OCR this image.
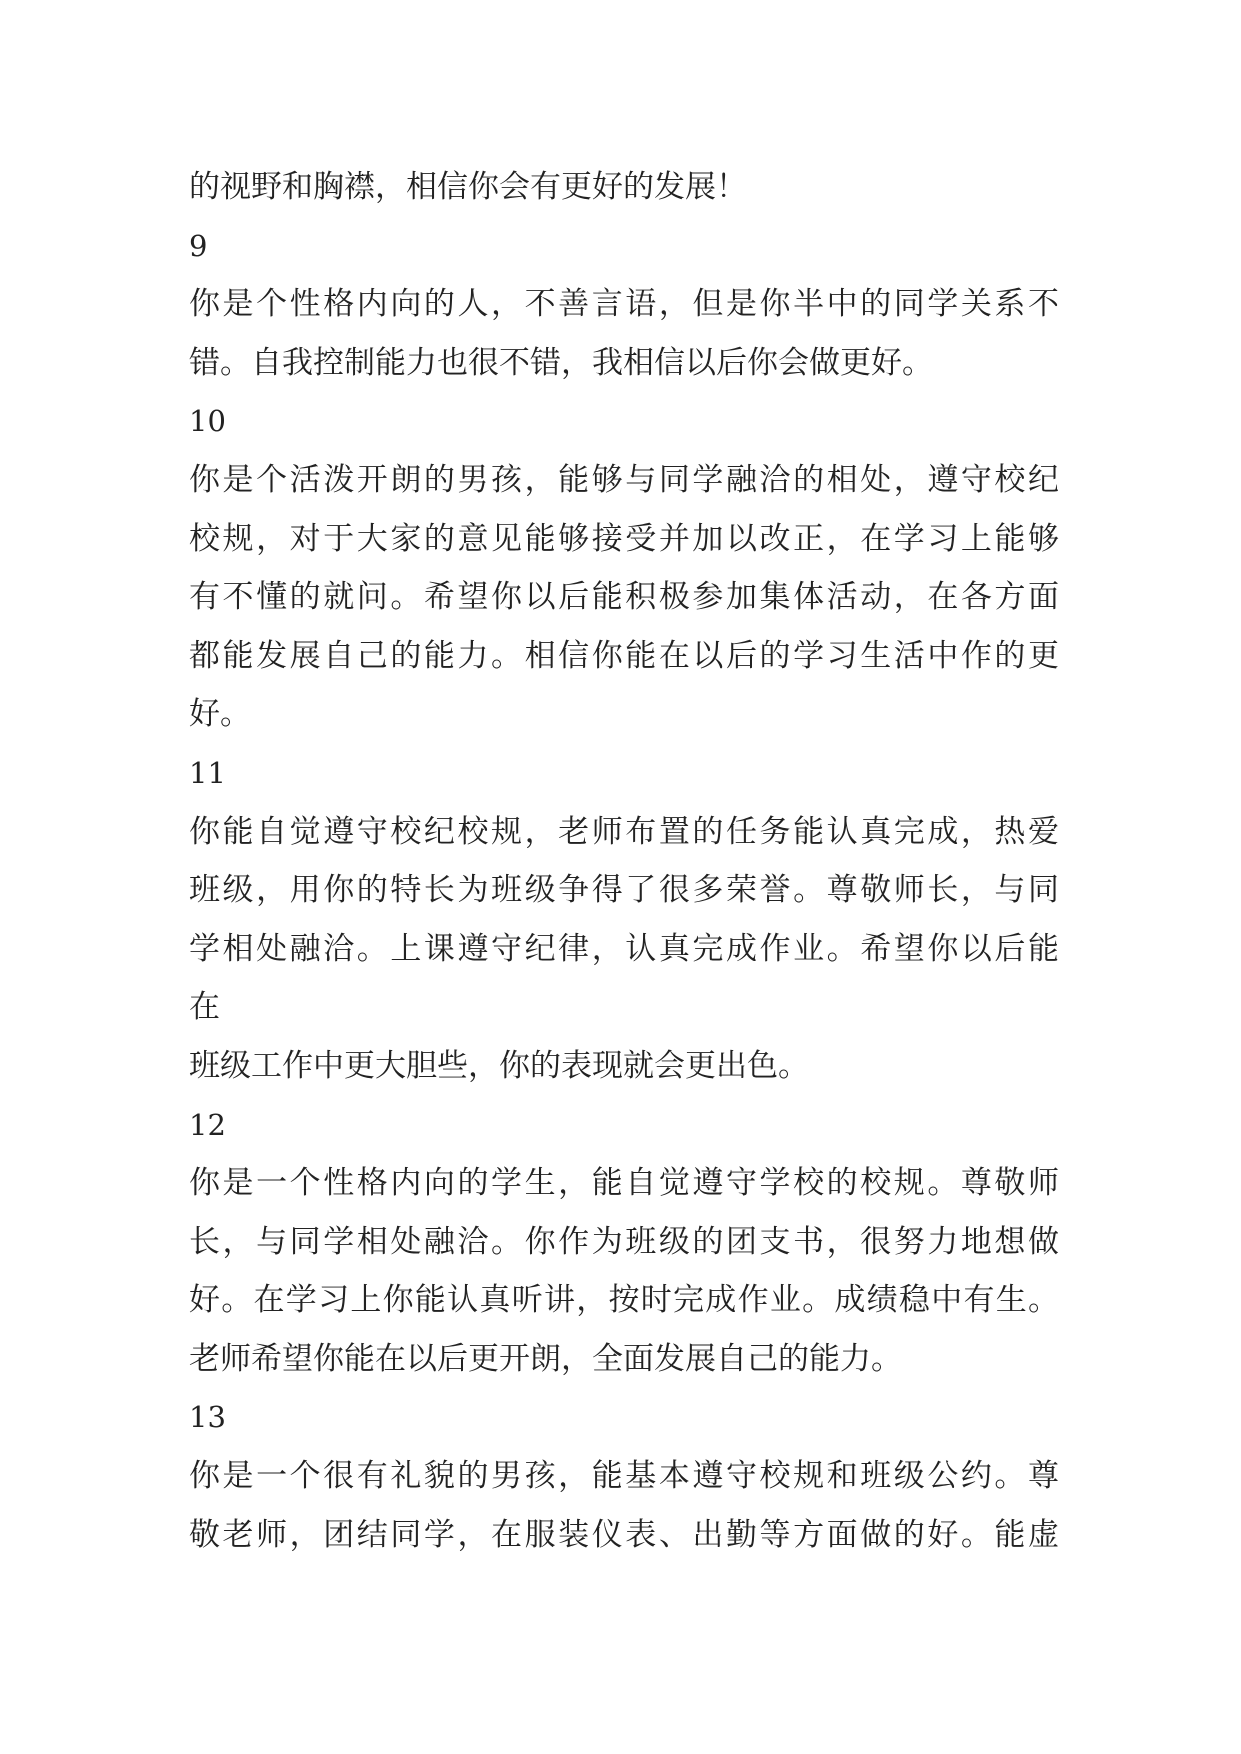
的视野和胸襟，相信你会有更好的发展！
9
你是个性格内向的人，不善言语，但是你半中的同学关系不
错。自我控制能力也很不错，我相信以后你会做更好。
10
你是个活泼开朗的男孩，能够与同学融洽的相处，遵守校纪
校规，对于大家的意见能够接受并加以改正，在学习上能够
有不懂的就问。希望你以后能积极参加集体活动，在各方面
都能发展自己的能力。相信你能在以后的学习生活中作的更
好。
11
你能自觉遵守校纪校规，老师布置的任务能认真完成，热爱
班级，用你的特长为班级争得了很多荣誉。尊敬师长，与同
学相处融洽。上课遵守纪律，认真完成作业。希望你以后能
在
班级工作中更大胆些，你的表现就会更出色。
12
你是一个性格内向的学生，能自觉遵守学校的校规。尊敬师
长，与同学相处融洽。你作为班级的团支书，很努力地想做
好。在学习上你能认真听讲，按时完成作业。成绩稳中有生。
老师希望你能在以后更开朗，全面发展自己的能力。
13
你是一个很有礼貌的男孩，能基本遵守校规和班级公约。尊
敬老师，团结同学，在服装仪表、出勤等方面做的好。能虚
